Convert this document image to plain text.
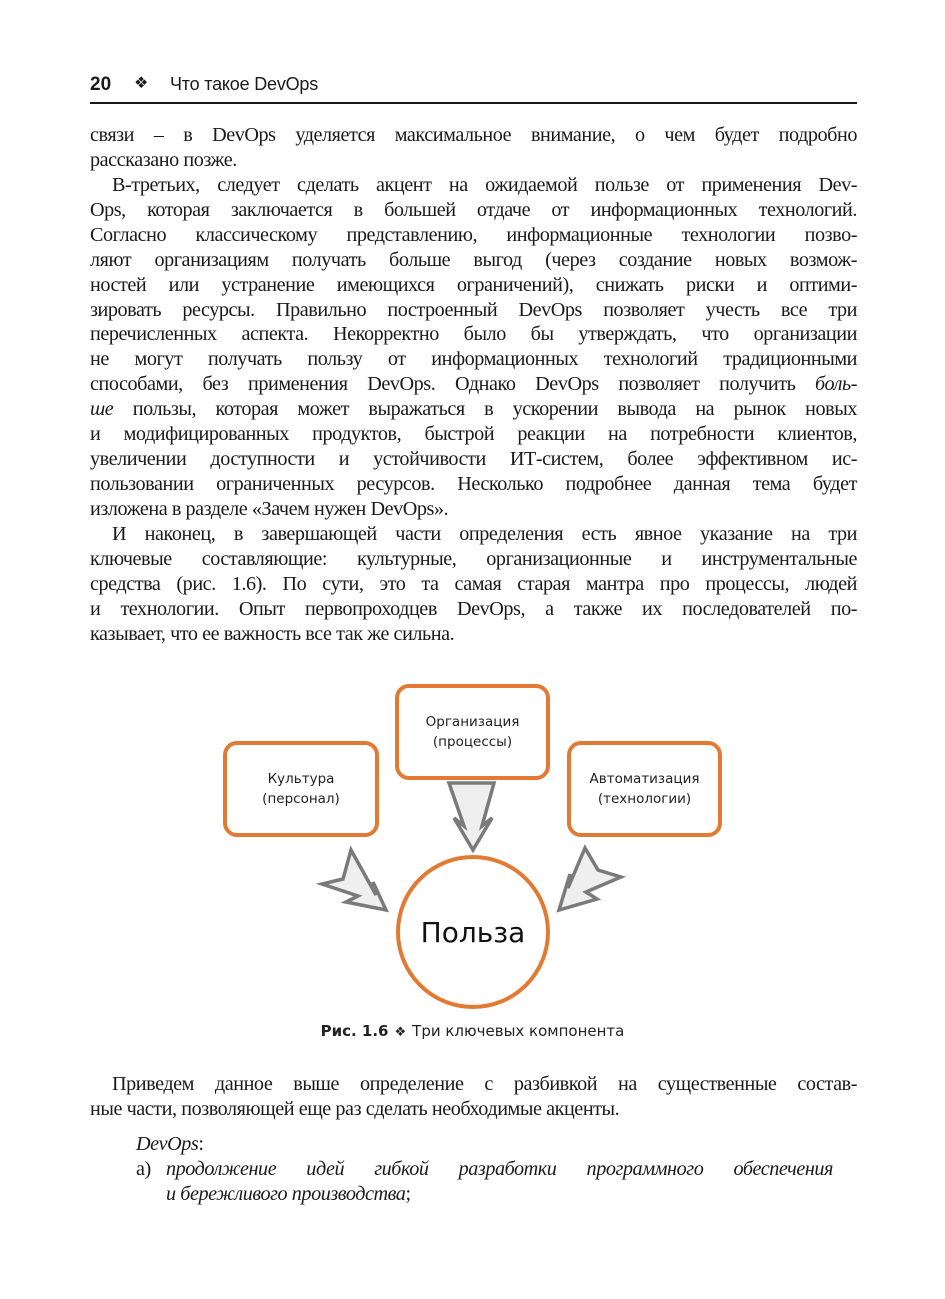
20 ❖ Что такое DevOps
связи – в DevOps уделяется максимальное внимание, о чем будет подробно
рассказано позже.
В-третьих, следует сделать акцент на ожидаемой пользе от применения Dev-
Ops, которая заключается в большей отдаче от информационных технологий.
Согласно классическому представлению, информационные технологии позво-
ляют организациям получать больше выгод (через создание новых возмож-
ностей или устранение имеющихся ограничений), снижать риски и оптими-
зировать ресурсы. Правильно построенный DevOps позволяет учесть все три
перечисленных аспекта. Некорректно было бы утверждать, что организации
не могут получать пользу от информационных технологий традиционными
способами, без применения DevOps. Однако DevOps позволяет получить боль-
ше пользы, которая может выражаться в ускорении вывода на рынок новых
и модифицированных продуктов, быстрой реакции на потребности клиентов,
увеличении доступности и устойчивости ИТ-систем, более эффективном ис-
пользовании ограниченных ресурсов. Несколько подробнее данная тема будет
изложена в разделе «Зачем нужен DevOps».
И наконец, в завершающей части определения есть явное указание на три
ключевые составляющие: культурные, организационные и инструментальные
средства (рис. 1.6). По сути, это та самая старая мантра про процессы, людей
и технологии. Опыт первопроходцев DevOps, а также их последователей по-
казывает, что ее важность все так же сильна.
Культура
(персонал)
Организация
(процессы)
Автоматизация
(технологии)
Польза
Рис. 1.6 ❖ Три ключевых компонента
Приведем данное выше определение с разбивкой на существенные состав-
ные части, позволяющей еще раз сделать необходимые акценты.
DevOps:
а) продолжение идей гибкой разработки программного обеспечения
и бережливого производства;
